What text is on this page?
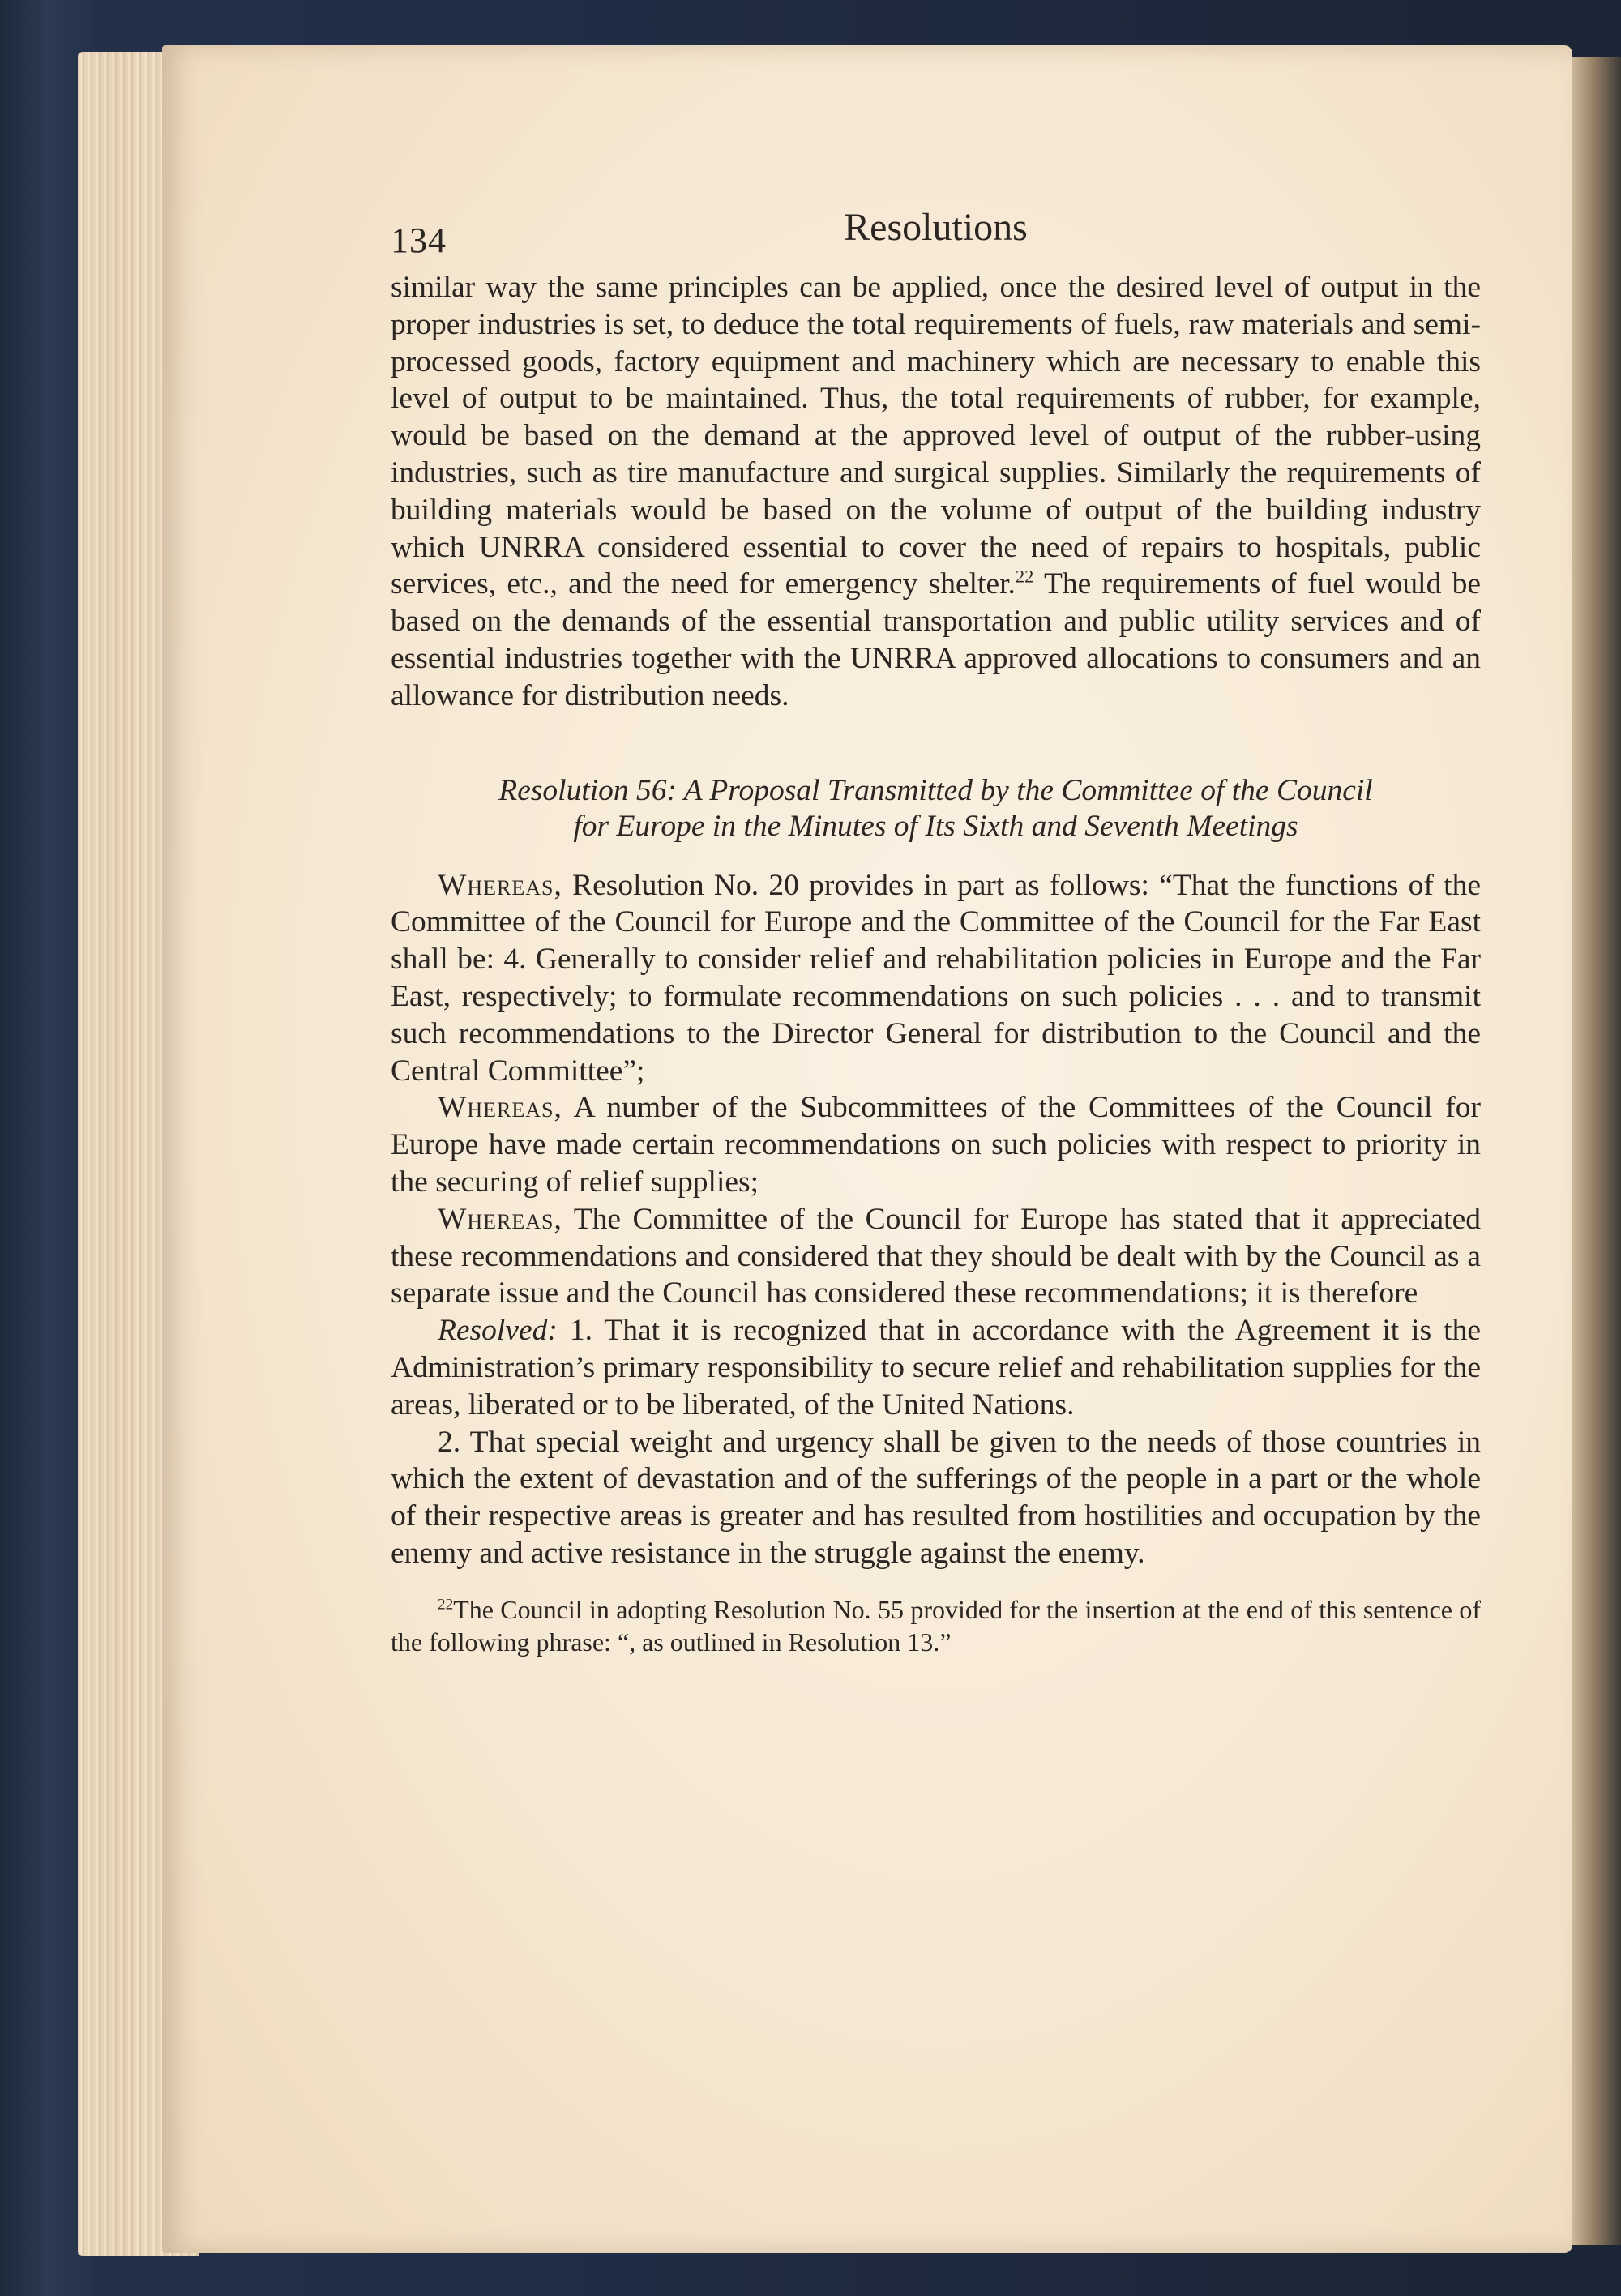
134	Resolutions

similar way the same principles can be applied, once the desired level of output in the proper industries is set, to deduce the total requirements of fuels, raw materials and semi-processed goods, factory equipment and machinery which are necessary to enable this level of output to be maintained. Thus, the total requirements of rubber, for example, would be based on the demand at the approved level of output of the rubber-using industries, such as tire manufacture and surgical supplies. Similarly the requirements of building materials would be based on the volume of output of the building industry which UNRRA considered essential to cover the need of repairs to hospitals, public services, etc., and the need for emergency shelter.$^{22}$ The requirements of fuel would be based on the demands of the essential transportation and public utility services and of essential industries together with the UNRRA approved allocations to consumers and an allowance for distribution needs.

Resolution 56: A Proposal Transmitted by the Committee of the Council
for Europe in the Minutes of Its Sixth and Seventh Meetings

Whereas, Resolution No. 20 provides in part as follows: “That the functions of the Committee of the Council for Europe and the Committee of the Council for the Far East shall be: 4. Generally to consider relief and rehabilitation policies in Europe and the Far East, respectively; to formulate recommendations on such policies . . . and to transmit such recommendations to the Director General for distribution to the Council and the Central Committee”;

Whereas, A number of the Subcommittees of the Committees of the Council for Europe have made certain recommendations on such policies with respect to priority in the securing of relief supplies;

Whereas, The Committee of the Council for Europe has stated that it appreciated these recommendations and considered that they should be dealt with by the Council as a separate issue and the Council has considered these recommendations; it is therefore

Resolved: 1. That it is recognized that in accordance with the Agreement it is the Administration’s primary responsibility to secure relief and rehabilitation supplies for the areas, liberated or to be liberated, of the United Nations.

2. That special weight and urgency shall be given to the needs of those countries in which the extent of devastation and of the sufferings of the people in a part or the whole of their respective areas is greater and has resulted from hostilities and occupation by the enemy and active resistance in the struggle against the enemy.

$^{22}$The Council in adopting Resolution No. 55 provided for the insertion at the end of this sentence of the following phrase: “, as outlined in Resolution 13.”
